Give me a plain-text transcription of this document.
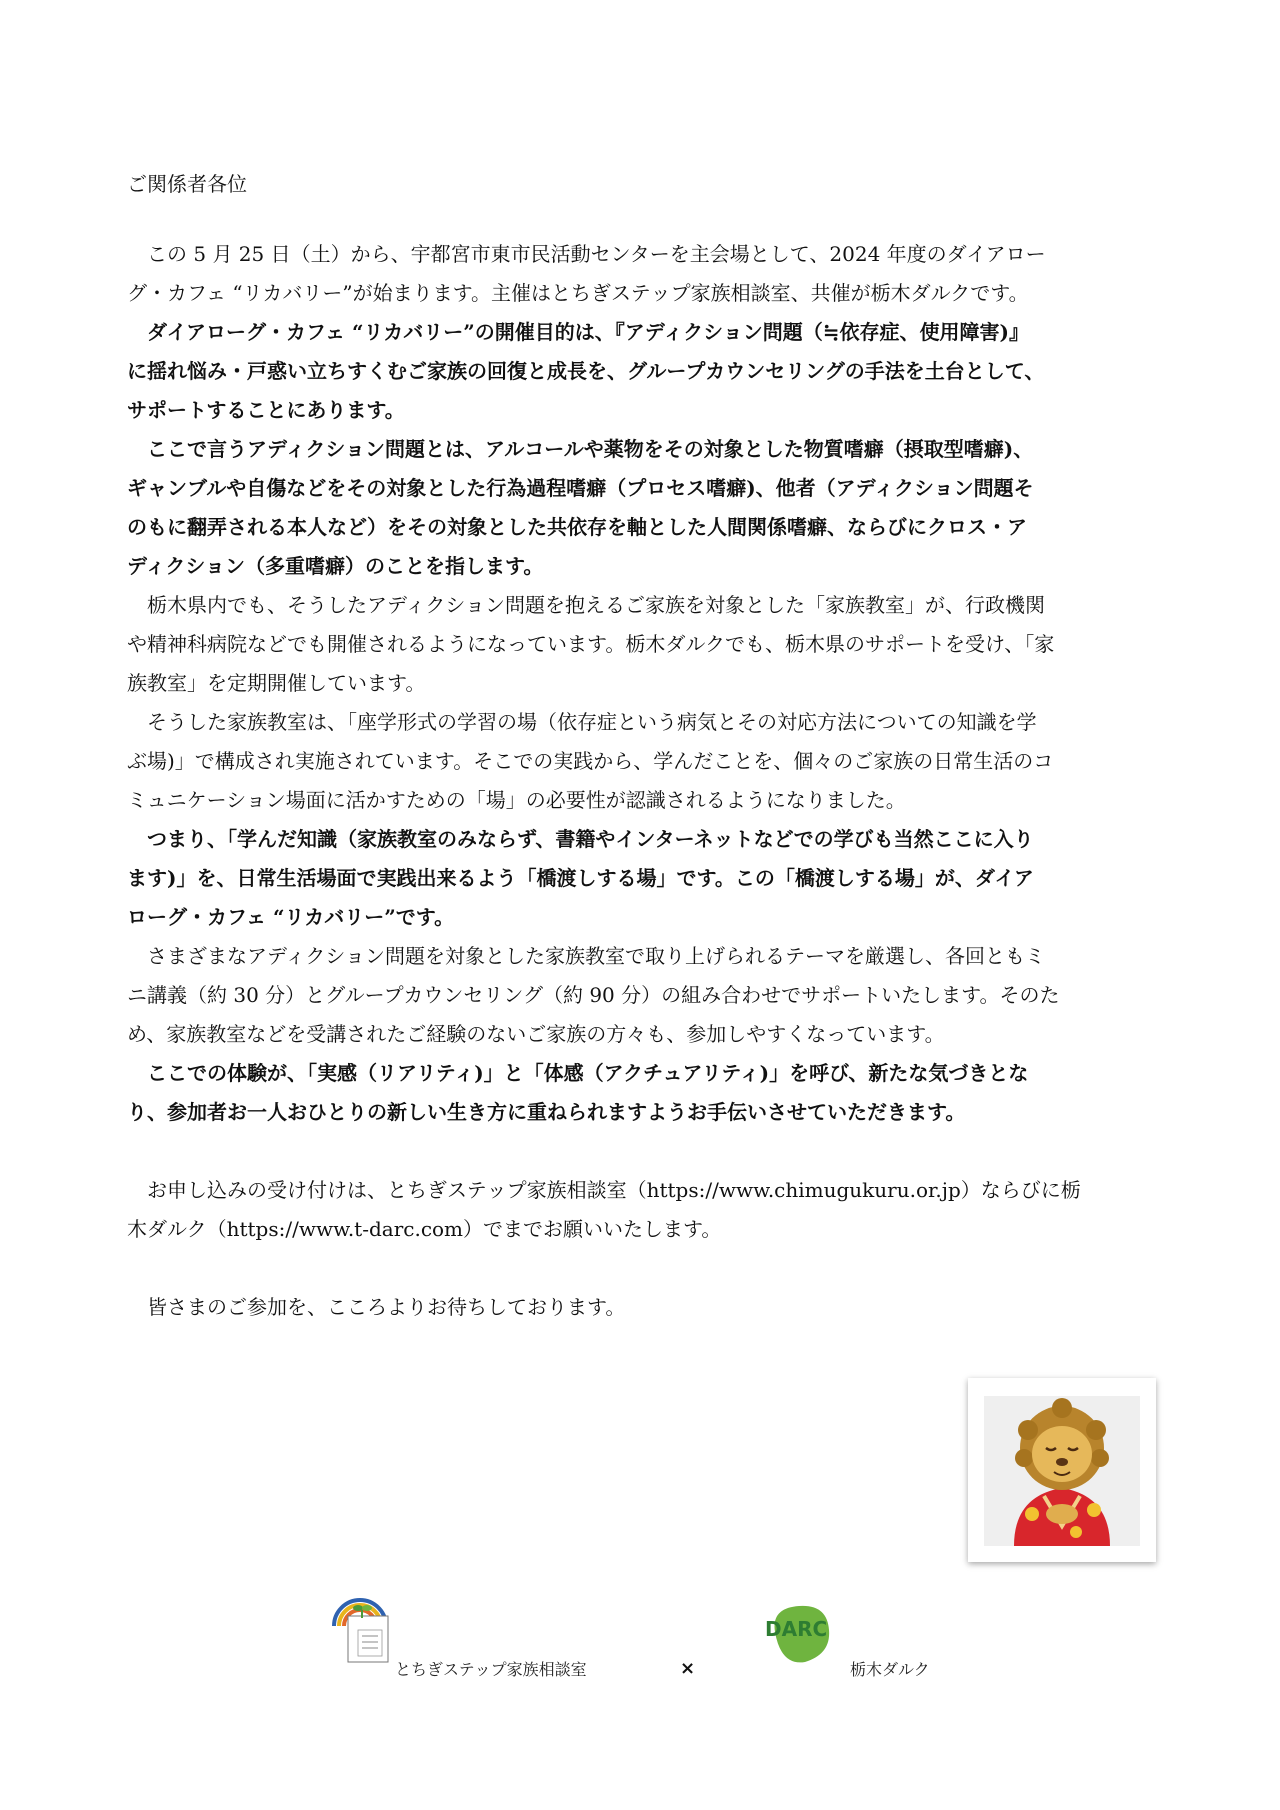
ご関係者各位
　この 5 月 25 日（土）から、宇都宮市東市民活動センターを主会場として、2024 年度のダイアロー
グ・カフェ “リカバリー”が始まります。主催はとちぎステップ家族相談室、共催が栃木ダルクです。
　ダイアローグ・カフェ “リカバリー”の開催目的は、『アディクション問題（≒依存症、使用障害)』
に揺れ悩み・戸惑い立ちすくむご家族の回復と成長を、グループカウンセリングの手法を土台として、
サポートすることにあります。
　ここで言うアディクション問題とは、アルコールや薬物をその対象とした物質嗜癖（摂取型嗜癖)、
ギャンブルや自傷などをその対象とした行為過程嗜癖（プロセス嗜癖)、他者（アディクション問題そ
のもに翻弄される本人など）をその対象とした共依存を軸とした人間関係嗜癖、ならびにクロス・ア
ディクション（多重嗜癖）のことを指します。
　栃木県内でも、そうしたアディクション問題を抱えるご家族を対象とした「家族教室」が、行政機関
や精神科病院などでも開催されるようになっています。栃木ダルクでも、栃木県のサポートを受け、「家
族教室」を定期開催しています。
　そうした家族教室は、「座学形式の学習の場（依存症という病気とその対応方法についての知識を学
ぶ場)」で構成され実施されています。そこでの実践から、学んだことを、個々のご家族の日常生活のコ
ミュニケーション場面に活かすための「場」の必要性が認識されるようになりました。
　つまり、「学んだ知識（家族教室のみならず、書籍やインターネットなどでの学びも当然ここに入り
ます)」を、日常生活場面で実践出来るよう「橋渡しする場」です。この「橋渡しする場」が、ダイア
ローグ・カフェ “リカバリー”です。
　さまざまなアディクション問題を対象とした家族教室で取り上げられるテーマを厳選し、各回ともミ
ニ講義（約 30 分）とグループカウンセリング（約 90 分）の組み合わせでサポートいたします。そのた
め、家族教室などを受講されたご経験のないご家族の方々も、参加しやすくなっています。
　ここでの体験が、「実感（リアリティ)」と「体感（アクチュアリティ)」を呼び、新たな気づきとな
り、参加者お一人おひとりの新しい生き方に重ねられますようお手伝いさせていただきます。
　お申し込みの受け付けは、とちぎステップ家族相談室（https://www.chimugukuru.or.jp）ならびに栃
木ダルク（https://www.t-darc.com）でまでお願いいたします。
　皆さまのご参加を、こころよりお待ちしております。
とちぎステップ家族相談室	×
DARC
栃木ダルク
